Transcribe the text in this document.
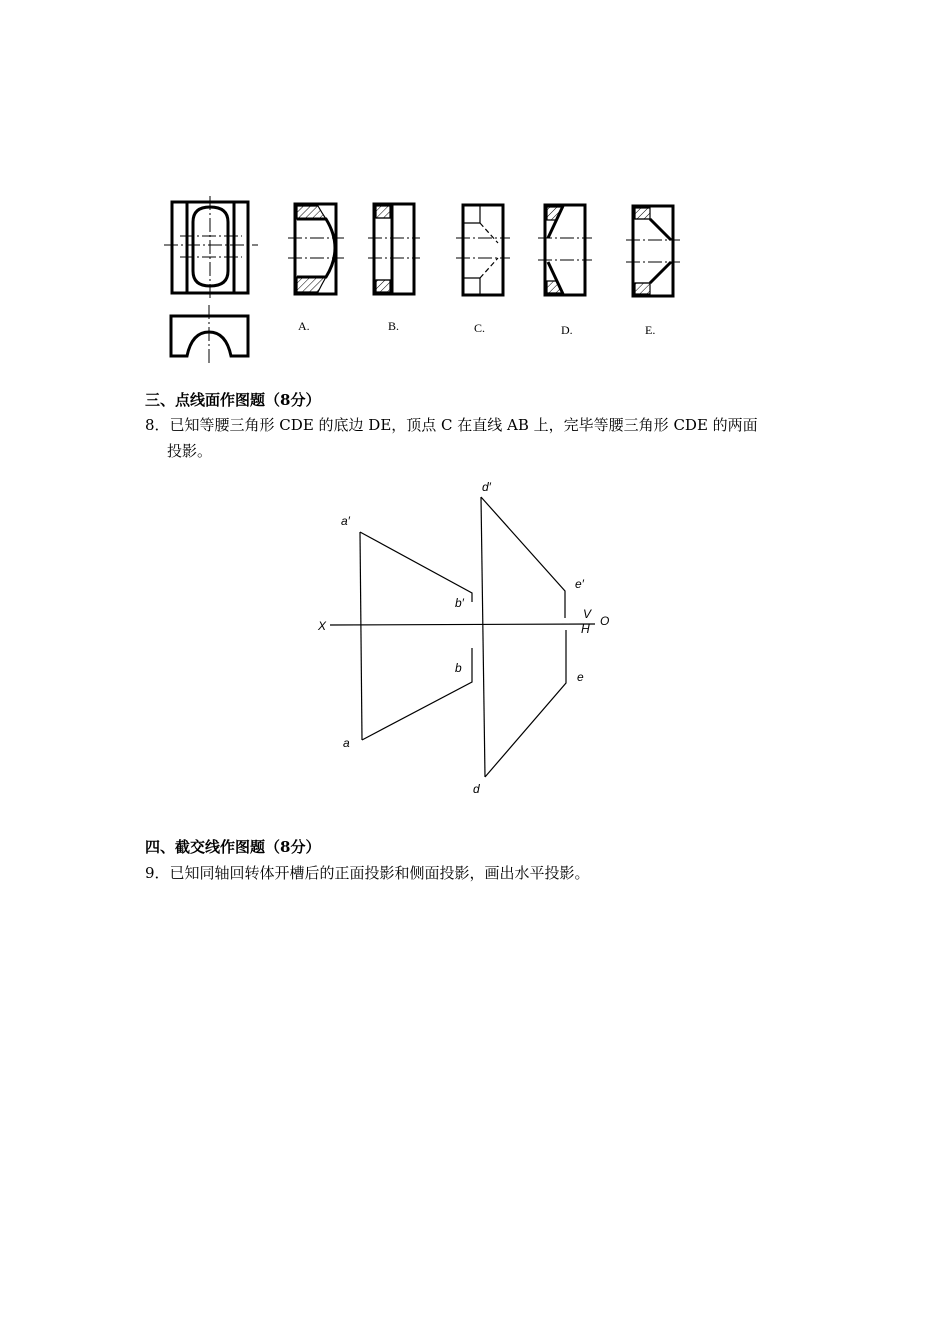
A.	B.	C.	D.	E.
三、点线面作图题（8分）
8．已知等腰三角形 CDE 的底边 DE，顶点 C 在直线 AB 上，完毕等腰三角形 CDE 的两面
投影。
a′
b′
d′
e′
a
b
d
e
X	O
V
H
四、截交线作图题（8分）
9．已知同轴回转体开槽后的正面投影和侧面投影，画出水平投影。
